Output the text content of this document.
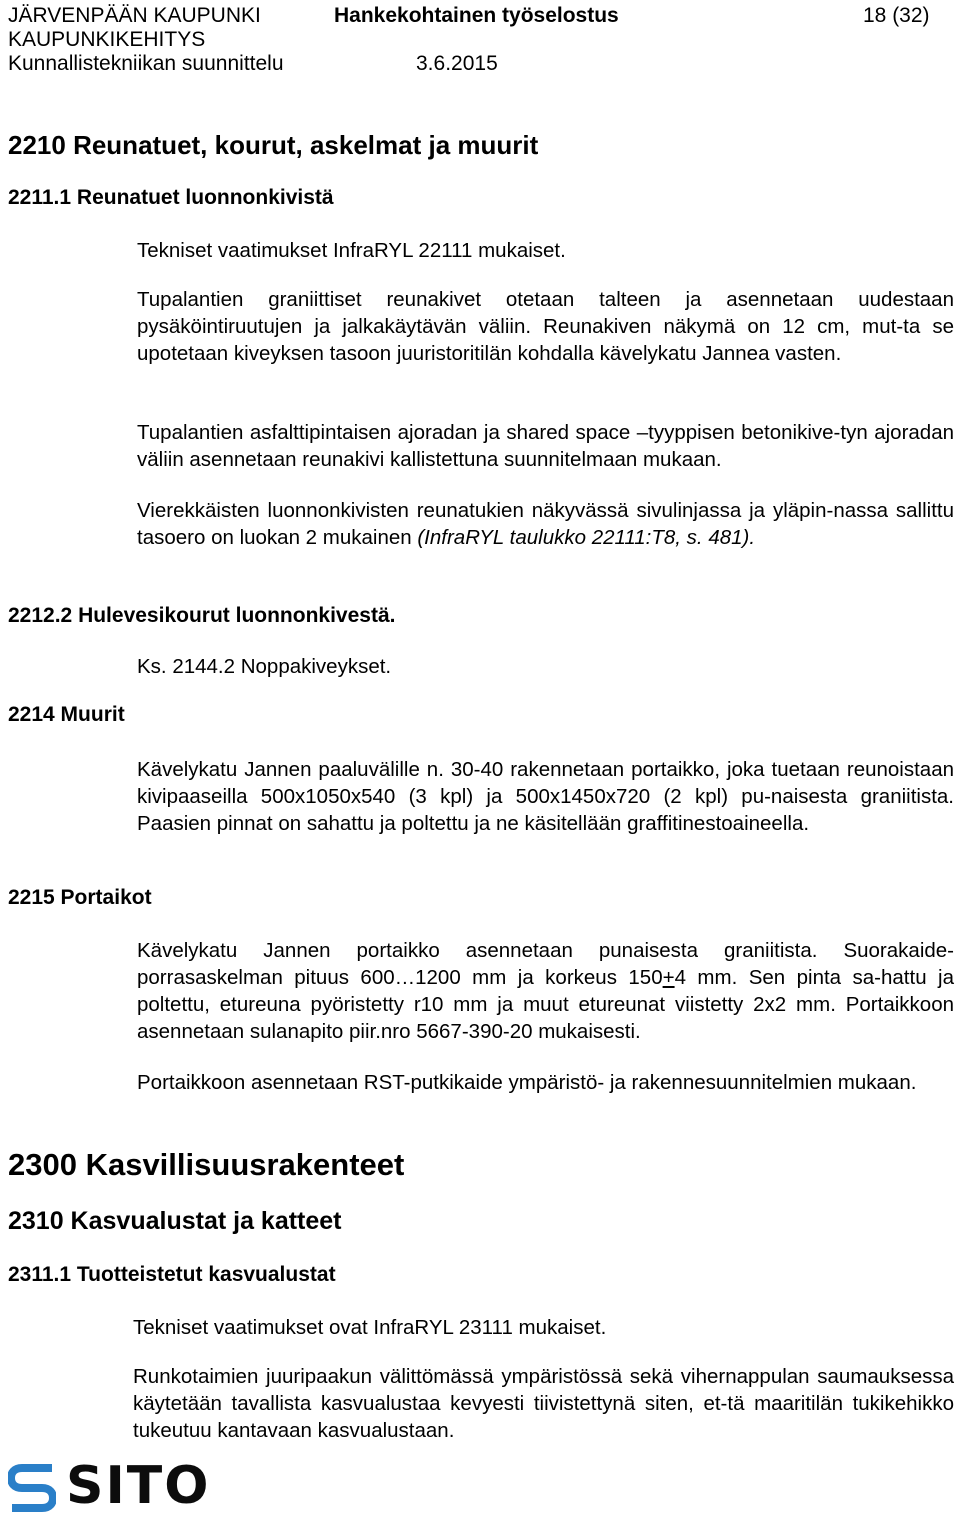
JÄRVENPÄÄN KAUPUNKI
KAUPUNKIKEHITYS
Kunnallistekniikan suunnittelu
Hankekohtainen työselostus	18 (32)
3.6.2015
2210 Reunatuet, kourut, askelmat ja muurit
2211.1 Reunatuet luonnonkivistä
Tekniset vaatimukset InfraRYL 22111 mukaiset.
Tupalantien graniittiset reunakivet otetaan talteen ja asennetaan uudestaan pysäköintiruutujen ja jalkakäytävän väliin. Reunakiven näkymä on 12 cm, mut-ta se upotetaan kiveyksen tasoon juuristoritilän kohdalla kävelykatu Jannea vasten.
Tupalantien asfalttipintaisen ajoradan ja shared space –tyyppisen betonikive-tyn ajoradan väliin asennetaan reunakivi kallistettuna suunnitelmaan mukaan.
Vierekkäisten luonnonkivisten reunatukien näkyvässä sivulinjassa ja yläpin-nassa sallittu tasoero on luokan 2 mukainen (InfraRYL taulukko 22111:T8, s. 481).
2212.2 Hulevesikourut luonnonkivestä.
Ks. 2144.2 Noppakiveykset.
2214 Muurit
Kävelykatu Jannen paaluvälille n. 30-40 rakennetaan portaikko, joka tuetaan reunoistaan kivipaaseilla 500x1050x540 (3 kpl) ja 500x1450x720 (2 kpl) pu-naisesta graniitista. Paasien pinnat on sahattu ja poltettu ja ne käsitellään graffitinestoaineella.
2215 Portaikot
Kävelykatu Jannen portaikko asennetaan punaisesta graniitista. Suorakaide-porrasaskelman pituus 600…1200 mm ja korkeus 150+4 mm. Sen pinta sa-hattu ja poltettu, etureuna pyöristetty r10 mm ja muut etureunat viistetty 2x2 mm. Portaikkoon asennetaan sulanapito piir.nro 5667-390-20 mukaisesti.
Portaikkoon asennetaan RST-putkikaide ympäristö- ja rakennesuunnitelmien mukaan.
2300 Kasvillisuusrakenteet
2310 Kasvualustat ja katteet
2311.1 Tuotteistetut kasvualustat
Tekniset vaatimukset ovat InfraRYL 23111 mukaiset.
Runkotaimien juuripaakun välittömässä ympäristössä sekä vihernappulan saumauksessa käytetään tavallista kasvualustaa kevyesti tiivistettynä siten, et-tä maaritilän tukikehikko tukeutuu kantavaan kasvualustaan.
SITO
